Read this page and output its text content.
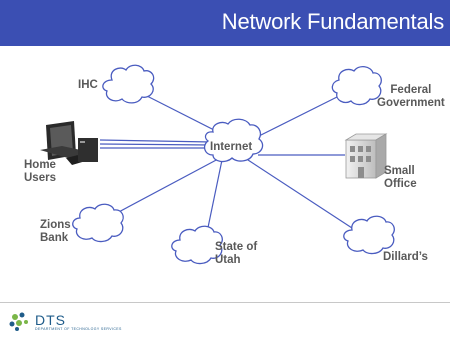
Network Fundamentals
Internet
IHC	Federal
Government
Home
Users
Small
Office
Zions
Bank
State of
Utah	Dillard’s
DTS
DEPARTMENT OF TECHNOLOGY SERVICES
